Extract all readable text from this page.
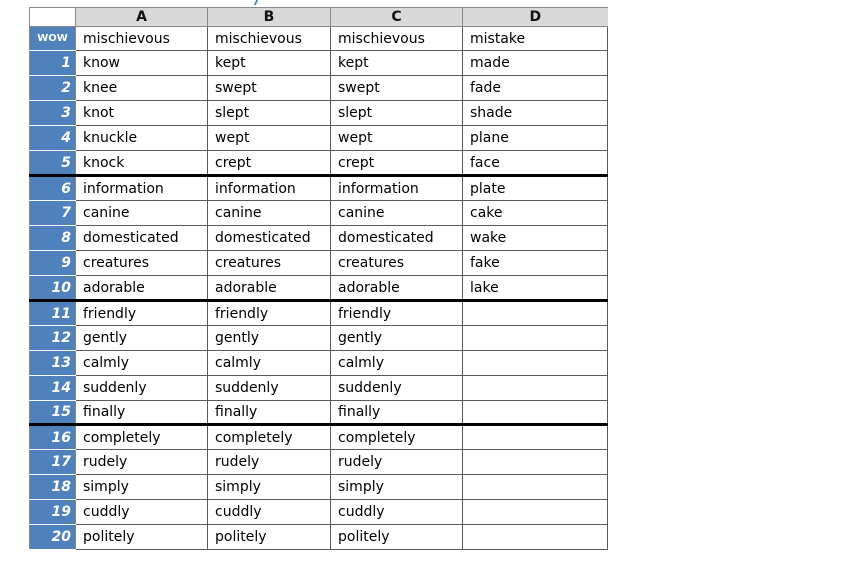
	A	B	C	D
WOW	mischievous	mischievous	mischievous	mistake
1	know	kept	kept	made
2	knee	swept	swept	fade
3	knot	slept	slept	shade
4	knuckle	wept	wept	plane
5	knock	crept	crept	face
6	information	information	information	plate
7	canine	canine	canine	cake
8	domesticated	domesticated	domesticated	wake
9	creatures	creatures	creatures	fake
10	adorable	adorable	adorable	lake
11	friendly	friendly	friendly	
12	gently	gently	gently	
13	calmly	calmly	calmly	
14	suddenly	suddenly	suddenly	
15	finally	finally	finally	
16	completely	completely	completely	
17	rudely	rudely	rudely	
18	simply	simply	simply	
19	cuddly	cuddly	cuddly	
20	politely	politely	politely	
